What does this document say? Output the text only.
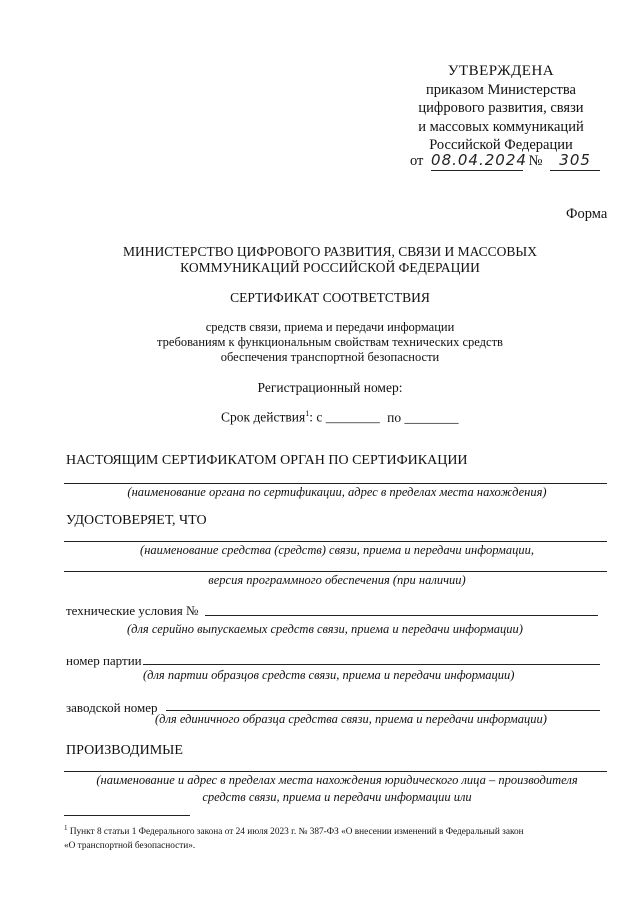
УТВЕРЖДЕНА
приказом Министерства
цифрового развития, связи
и массовых коммуникаций
Российской Федерации
от 08.04.2024 № 305
Форма
МИНИСТЕРСТВО ЦИФРОВОГО РАЗВИТИЯ, СВЯЗИ И МАССОВЫХ
КОММУНИКАЦИЙ РОССИЙСКОЙ ФЕДЕРАЦИИ
СЕРТИФИКАТ СООТВЕТСТВИЯ
средств связи, приема и передачи информации
требованиям к функциональным свойствам технических средств
обеспечения транспортной безопасности
Регистрационный номер:
Срок действия$^1$: с ________ по ________
НАСТОЯЩИМ СЕРТИФИКАТОМ ОРГАН ПО СЕРТИФИКАЦИИ
(наименование органа по сертификации, адрес в пределах места нахождения)
УДОСТОВЕРЯЕТ, ЧТО
(наименование средства (средств) связи, приема и передачи информации,
версия программного обеспечения (при наличии)
технические условия №
(для серийно выпускаемых средств связи, приема и передачи информации)
номер партии
(для партии образцов средств связи, приема и передачи информации)
заводской номер
(для единичного образца средства связи, приема и передачи информации)
ПРОИЗВОДИМЫЕ
(наименование и адрес в пределах места нахождения юридического лица – производителя
средств связи, приема и передачи информации или
$^1$ Пункт 8 статьи 1 Федерального закона от 24 июля 2023 г. № 387-ФЗ «О внесении изменений в Федеральный закон
«О транспортной безопасности».
